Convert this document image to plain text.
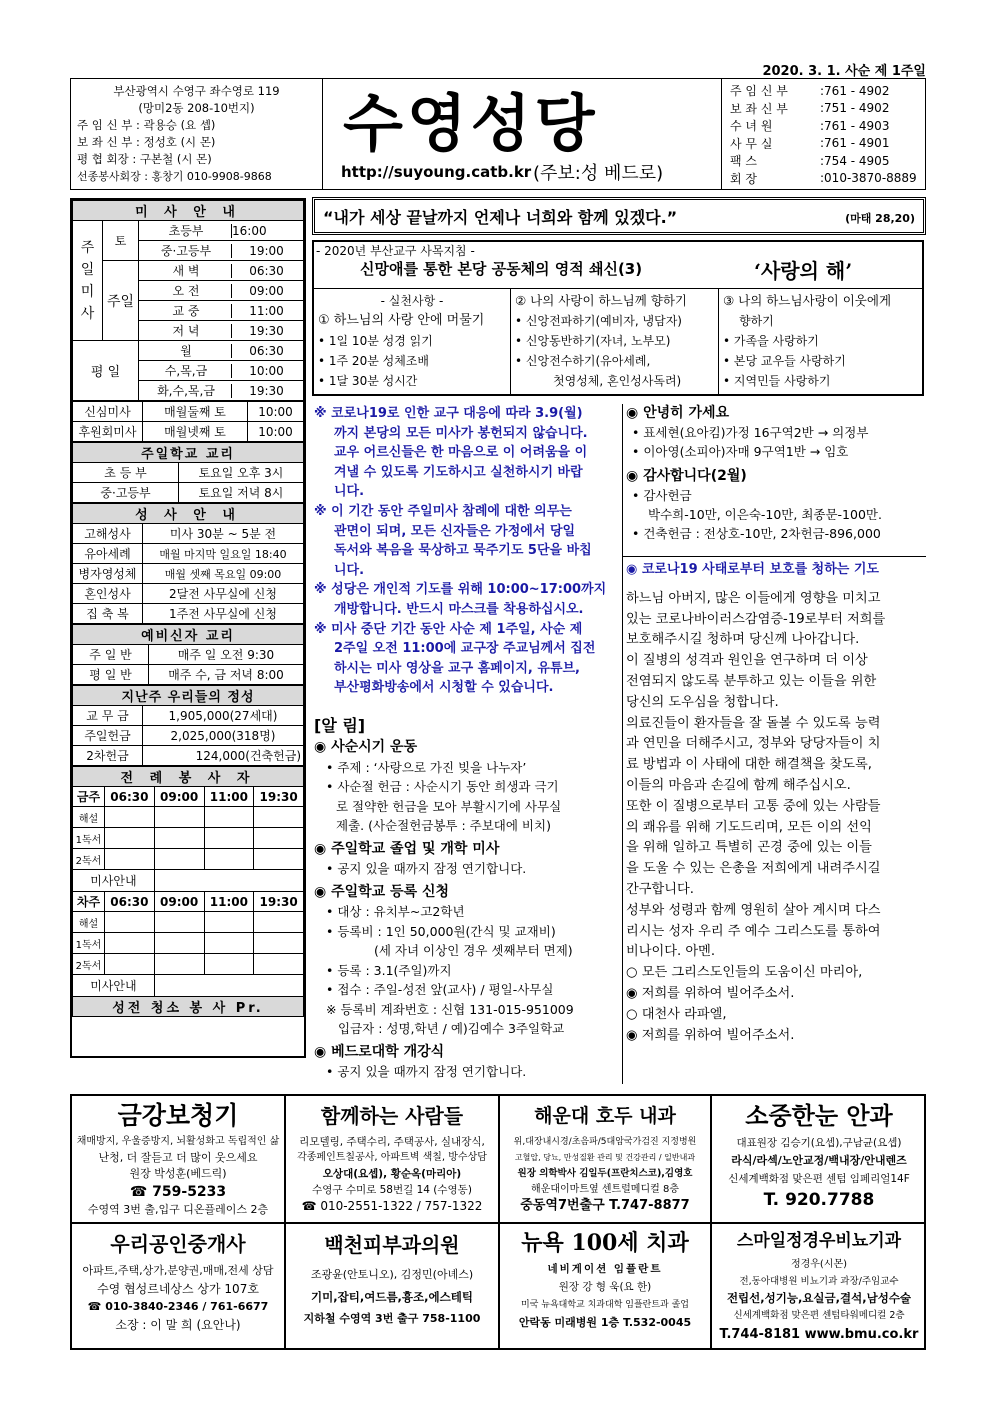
2020. 3. 1. 사순 제 1주일
부산광역시 수영구 좌수영로 119
(망미2동 208-10번지)
주 임 신 부 : 곽용승 (요 셉)
보 좌 신 부 : 정성호 (시 몬)
평 협 회장 : 구본철 (시 몬)
선종봉사회장 : 홍창기 010-9908-9868
수영성당
http://suyoung.catb.kr (주보:성 베드로)
주 임 신 부	: 761 - 4902
보 좌 신 부	: 751 - 4902
수 녀 원	: 761 - 4903
사 무 실	: 761 - 4901
팩 스	: 754 - 4905
회 장	: 010-3870-8889
미 사 안 내		
주일미사	토	초등부 16:00

		중·고등부 19:00

	주일	새 벽 06:30

		오 전 09:00

		교 중 11:00

		저 녁 19:30

평 일		월 06:30

		수,목,금 10:00

		화,수,목,금 19:30
신심미사	매월둘째 토	10:00
후원회미사	매월넷째 토	10:00
주일학교 교리	
초 등 부	토요일 오후 3시
중·고등부	토요일 저녁 8시
성 사 안 내	
고해성사	미사 30분 ~ 5분 전
유아세례	매월 마지막 일요일 18:40
병자영성체	매월 셋째 목요일 09:00
혼인성사	2달전 사무실에 신청
집 축 복	1주전 사무실에 신청
예비신자 교리	
주 일 반	매주 일 오전 9:30
평 일 반	매주 수, 금 저녁 8:00
지난주 우리들의 정성	
교 무 금	1,905,000(27세대)
주일헌금	2,025,000(318명)
2차헌금	124,000(건축헌금)
전 례 봉 사 자				
금주	06:30	09:00	11:00	19:30
해설				
1독서				
2독서				
미사안내				
차주	06:30	09:00	11:00	19:30
해설				
1독서				
2독서				
미사안내				
성전 청소 봉 사 Pr.				
“내가 세상 끝날까지 언제나 너희와 함께 있겠다.”	(마태 28,20)
- 2020년 부산교구 사목지침 -
신망애를 통한 본당 공동체의 영적 쇄신(3)	‘사랑의 해’
- 실천사항 -
① 하느님의 사랑 안에 머물기
• 1일 10분 성경 읽기
• 1주 20분 성체조배
• 1달 30분 성시간
② 나의 사랑이 하느님께 향하기
• 신앙전파하기(예비자, 냉담자)
• 신앙동반하기(자녀, 노부모)
• 신앙전수하기(유아세례,
첫영성체, 혼인성사독려)
③ 나의 하느님사랑이 이웃에게
향하기
• 가족을 사랑하기
• 본당 교우들 사랑하기
• 지역민들 사랑하기
※ 코로나19로 인한 교구 대응에 따라 3.9(월)
까지 본당의 모든 미사가 봉헌되지 않습니다.
교우 어르신들은 한 마음으로 이 어려움을 이
겨낼 수 있도록 기도하시고 실천하시기 바랍
니다.
※ 이 기간 동안 주일미사 참례에 대한 의무는
관면이 되며, 모든 신자들은 가정에서 당일
독서와 복음을 묵상하고 묵주기도 5단을 바칩
니다.
※ 성당은 개인적 기도를 위해 10:00~17:00까지
개방합니다. 반드시 마스크를 착용하십시오.
※ 미사 중단 기간 동안 사순 제 1주일, 사순 제
2주일 오전 11:00에 교구장 주교님께서 집전
하시는 미사 영상을 교구 홈페이지, 유튜브,
부산평화방송에서 시청할 수 있습니다.
[알 림]
◉ 사순시기 운동
• 주제 : ‘사랑으로 가진 빚을 나누자’
• 사순절 헌금 : 사순시기 동안 희생과 극기
로 절약한 헌금을 모아 부활시기에 사무실
제출. (사순절헌금봉투 : 주보대에 비치)
◉ 주일학교 졸업 및 개학 미사
• 공지 있을 때까지 잠정 연기합니다.
◉ 주일학교 등록 신청
• 대상 : 유치부~고2학년
• 등록비 : 1인 50,000원(간식 및 교재비)
(세 자녀 이상인 경우 셋째부터 면제)
• 등록 : 3.1(주일)까지
• 접수 : 주일-성전 앞(교사) / 평일-사무실
※ 등록비 계좌번호 : 신협 131-015-951009
입금자 : 성명,학년 / 예)김예수 3주일학교
◉ 베드로대학 개강식
• 공지 있을 때까지 잠정 연기합니다.
◉ 안녕히 가세요
• 표세현(요아킴)가정 16구역2반 → 의정부
• 이아영(소피아)자매 9구역1반 → 임호
◉ 감사합니다(2월)
• 감사헌금
박수희-10만, 이은숙-10만, 최종문-100만.
• 건축헌금 : 전상호-10만, 2차헌금-896,000
◉ 코로나19 사태로부터 보호를 청하는 기도
하느님 아버지, 많은 이들에게 영향을 미치고
있는 코로나바이러스감염증-19로부터 저희를
보호해주시길 청하며 당신께 나아갑니다.
이 질병의 성격과 원인을 연구하며 더 이상
전염되지 않도록 분투하고 있는 이들을 위한
당신의 도우심을 청합니다.
의료진들이 환자들을 잘 돌볼 수 있도록 능력
과 연민을 더해주시고, 정부와 당당자들이 치
료 방법과 이 사태에 대한 해결책을 찾도록,
이들의 마음과 손길에 함께 해주십시오.
또한 이 질병으로부터 고통 중에 있는 사람들
의 쾌유를 위해 기도드리며, 모든 이의 선익
을 위해 일하고 특별히 곤경 중에 있는 이들
을 도울 수 있는 은총을 저희에게 내려주시길
간구합니다.
성부와 성령과 함께 영원히 살아 계시며 다스
리시는 성자 우리 주 예수 그리스도를 통하여
비나이다. 아멘.
○ 모든 그리스도인들의 도움이신 마리아,
◉ 저희를 위하여 빌어주소서.
○ 대천사 라파엘,
◉ 저희를 위하여 빌어주소서.
금강보청기
채매방지, 우울증방지, 뇌활성화고 독립적인 삶
난청, 더 잘듣고 더 많이 웃으세요
원장 박성훈(베드릭)
☎ 759-5233
수영역 3번 출,입구 디온플레이스 2층
함께하는 사람들
리모델링, 주택수리, 주택공사, 실내장식,
각종페인트칠공사, 아파트벽 색칠, 방수상담
오상대(요셉), 황순옥(마리아)
수영구 수미로 58번길 14 (수영동)
☎ 010-2551-1322 / 757-1322
해운대 호두 내과
위,대장내시경/초음파/5대암국가검진 지정병원
고혈압, 당뇨, 만성질환 관리 및 건강관리 / 일반내과
원장 의학박사 김일두(프란치스코),김영호
해운대이마트옆 센트럴메디컬 8층
중동역7번출구 T.747-8877
소중한눈 안과
대표원장 김승기(요셉),구남균(요셉)
라식/라섹/노안교정/백내장/안내렌즈
신세계백화점 맞은편 센텀 임페리얼14F
T. 920.7788
우리공인중개사
아파트,주택,상가,분양권,매매,전세 상담
수영 협성르네상스 상가 107호
☎ 010-3840-2346 / 761-6677
소장 : 이 말 희 (요안나)
백천피부과의원
조광윤(안토니오), 김정민(아녜스)
기미,잡티,여드름,흉조,에스테틱
지하철 수영역 3번 출구 758-1100
뉴욕 100세 치과
네비게이션 임플란트
원장 강 형 욱(요 한)
미국 뉴욕대학교 치과대학 임플란트과 졸업
안락동 미래병원 1층 T.532-0045
스마일정경우비뇨기과
정경우(시몬)
전,동아대병원 비뇨기과 과장/주임교수
전립선,성기능,요실금,결석,남성수술
신세계백화점 맞은편 센텀타워메디컬 2층
T.744-8181 www.bmu.co.kr
